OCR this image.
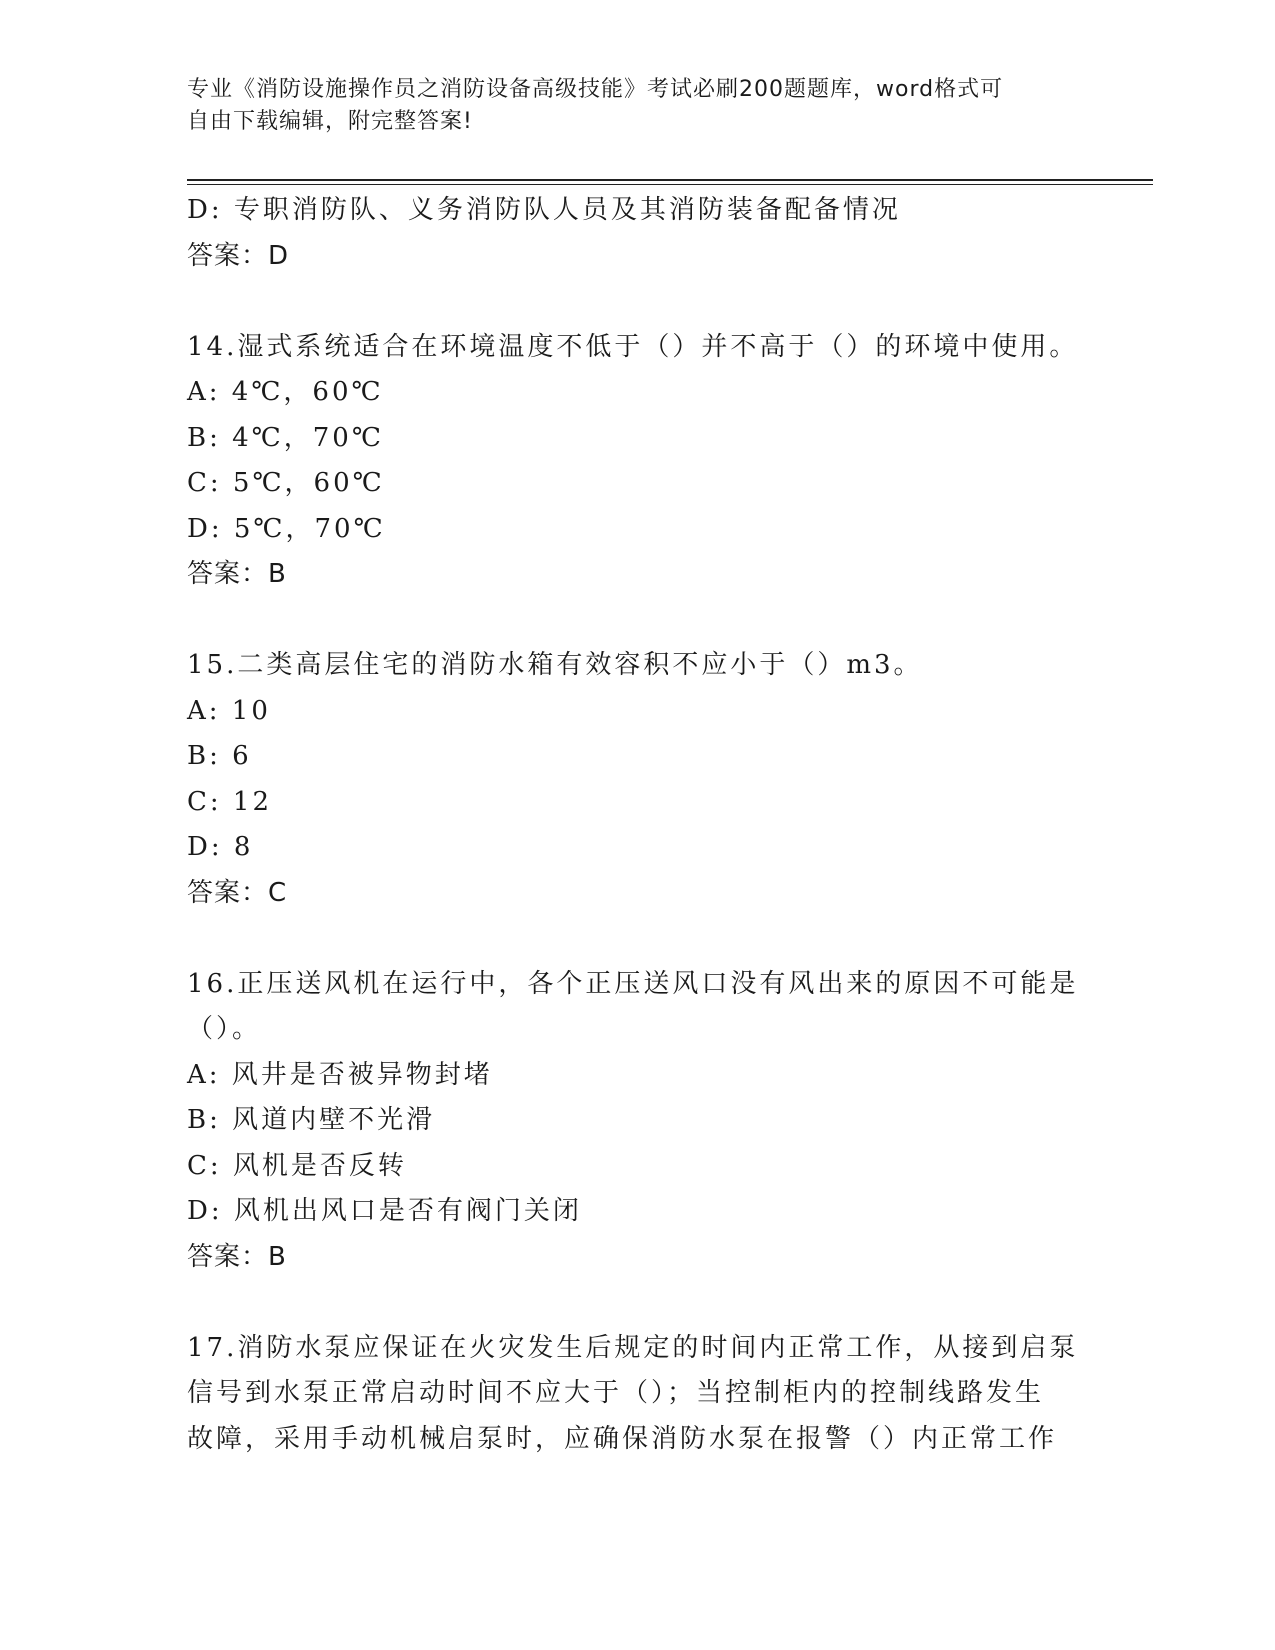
专业《消防设施操作员之消防设备高级技能》考试必刷200题题库，word格式可
自由下载编辑，附完整答案!
D: 专职消防队、义务消防队人员及其消防装备配备情况
答案：D
14.湿式系统适合在环境温度不低于（）并不高于（）的环境中使用。
A: 4℃，60℃
B: 4℃，70℃
C: 5℃，60℃
D: 5℃，70℃
答案：B
15.二类高层住宅的消防水箱有效容积不应小于（）m3。
A: 10
B: 6
C: 12
D: 8
答案：C
16.正压送风机在运行中，各个正压送风口没有风出来的原因不可能是
（）。
A: 风井是否被异物封堵
B: 风道内壁不光滑
C: 风机是否反转
D: 风机出风口是否有阀门关闭
答案：B
17.消防水泵应保证在火灾发生后规定的时间内正常工作，从接到启泵
信号到水泵正常启动时间不应大于（）；当控制柜内的控制线路发生
故障，采用手动机械启泵时，应确保消防水泵在报警（）内正常工作
